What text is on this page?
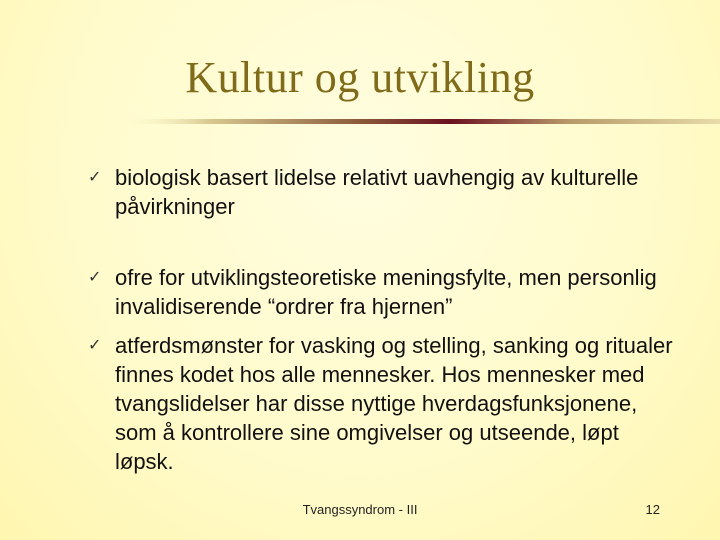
Kultur og utvikling
✓ biologisk basert lidelse relativt uavhengig av kulturelle påvirkninger
✓ ofre for utviklingsteoretiske meningsfylte, men personlig invalidiserende “ordrer fra hjernen”
✓ atferdsmønster for vasking og stelling, sanking og ritualer finnes kodet hos alle mennesker. Hos mennesker med tvangslidelser har disse nyttige hverdagsfunksjonene, som å kontrollere sine omgivelser og utseende, løpt løpsk.
Tvangssyndrom - III	12
